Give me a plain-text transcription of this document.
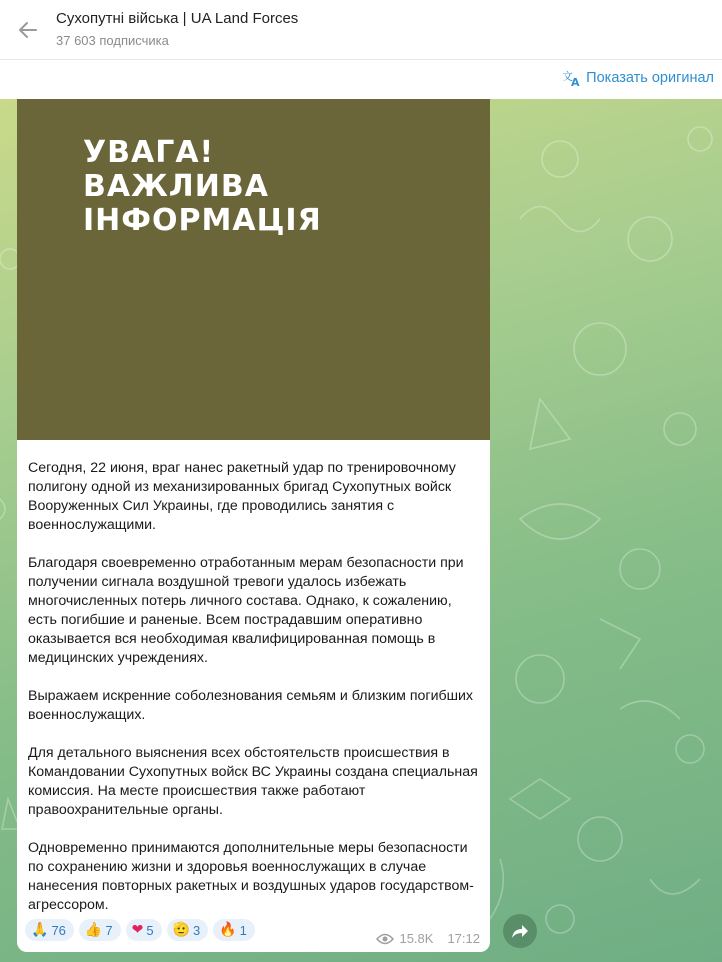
Сухопутні війська | UA Land Forces
37 603 подписчика
文
A Показать оригинал
УВАГА!
ВАЖЛИВА
ІНФОРМАЦІЯ

Сегодня, 22 июня, враг нанес ракетный удар по тренировочному полигону одной из механизированных бригад Сухопутных войск Вооруженных Сил Украины, где проводились занятия с военнослужащими.

Благодаря своевременно отработанным мерам безопасности при получении сигнала воздушной тревоги удалось избежать многочисленных потерь личного состава. Однако, к сожалению, есть погибшие и раненые. Всем пострадавшим оперативно оказывается вся необходимая квалифицированная помощь в медицинских учреждениях.

Выражаем искренние соболезнования семьям и близким погибших военнослужащих.

Для детального выяснения всех обстоятельств происшествия в Командовании Сухопутных войск ВС Украины создана специальная комиссия. На месте происшествия также работают правоохранительные органы.

Одновременно принимаются дополнительные меры безопасности по сохранению жизни и здоровья военнослужащих в случае нанесения повторных ракетных и воздушных ударов государством-агрессором.

🙏 76 👍 7 ❤ 5 🫡 3 🔥 1
15.8K 17:12
